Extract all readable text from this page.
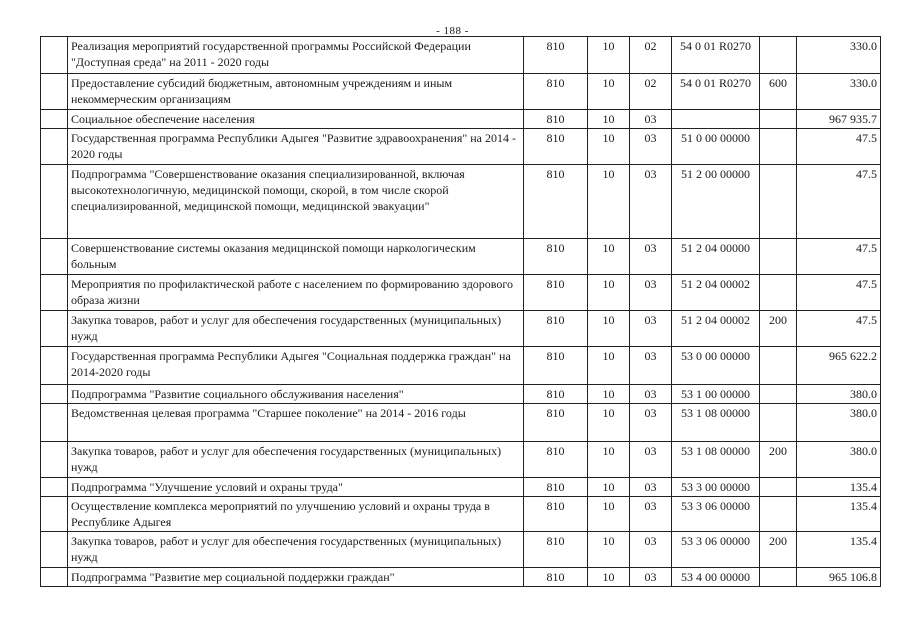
- 188 -
	Реализация мероприятий государственной программы Российской Федерации "Доступная среда" на 2011 - 2020 годы	810	10	02	54 0 01 R0270		330.0
	Предоставление субсидий бюджетным, автономным учреждениям и иным некоммерческим организациям	810	10	02	54 0 01 R0270	600	330.0
	Социальное обеспечение населения	810	10	03			967 935.7
	Государственная программа Республики Адыгея "Развитие здравоохранения" на 2014 - 2020 годы	810	10	03	51 0 00 00000		47.5
	Подпрограмма "Совершенствование оказания специализированной, включая высокотехнологичную, медицинской помощи, скорой, в том числе скорой специализированной, медицинской помощи, медицинской эвакуации"	810	10	03	51 2 00 00000		47.5
	Совершенствование системы оказания медицинской помощи наркологическим больным	810	10	03	51 2 04 00000		47.5
	Мероприятия по профилактической работе с населением по формированию здорового образа жизни	810	10	03	51 2 04 00002		47.5
	Закупка товаров, работ и услуг для обеспечения государственных (муниципальных) нужд	810	10	03	51 2 04 00002	200	47.5
	Государственная программа Республики Адыгея "Социальная поддержка граждан" на 2014-2020 годы	810	10	03	53 0 00 00000		965 622.2
	Подпрограмма "Развитие социального обслуживания населения"	810	10	03	53 1 00 00000		380.0
	Ведомственная целевая программа "Старшее поколение" на 2014 - 2016 годы	810	10	03	53 1 08 00000		380.0
	Закупка товаров, работ и услуг для обеспечения государственных (муниципальных) нужд	810	10	03	53 1 08 00000	200	380.0
	Подпрограмма "Улучшение условий и охраны труда"	810	10	03	53 3 00 00000		135.4
	Осуществление комплекса мероприятий по улучшению условий и охраны труда в Республике Адыгея	810	10	03	53 3 06 00000		135.4
	Закупка товаров, работ и услуг для обеспечения государственных (муниципальных) нужд	810	10	03	53 3 06 00000	200	135.4
	Подпрограмма "Развитие мер социальной поддержки граждан"	810	10	03	53 4 00 00000		965 106.8
